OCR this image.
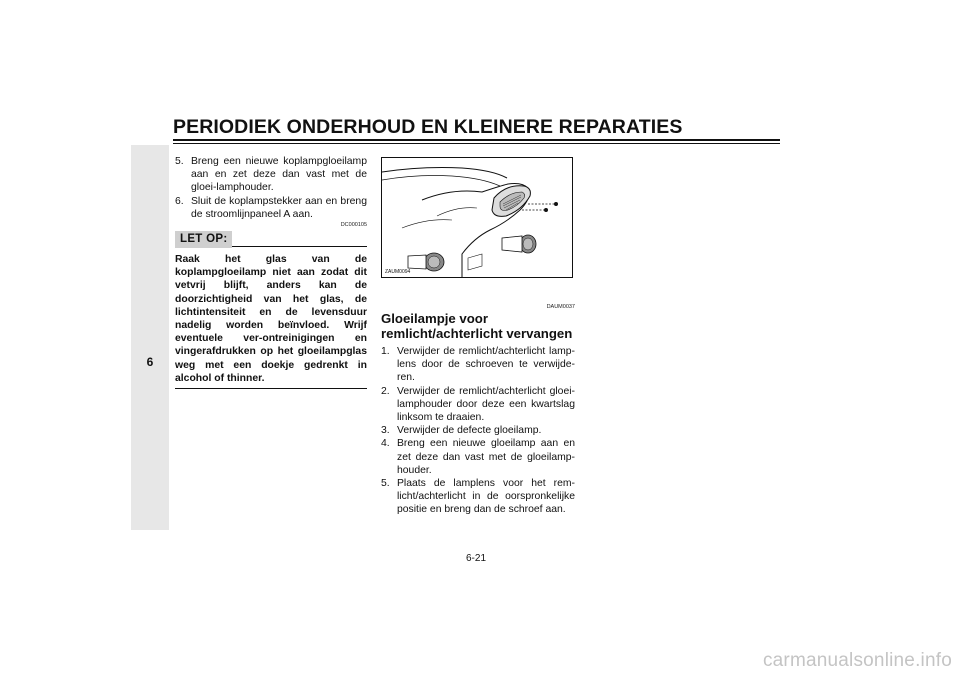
PERIODIEK ONDERHOUD EN KLEINERE REPARATIES
6
5. Breng een nieuwe koplampgloeilamp aan en zet deze dan vast met de gloei-lamphouder.
6. Sluit de koplampstekker aan en breng de stroomlijnpaneel A aan.
DC000105
LET OP:
Raak het glas van de koplampgloeilamp niet aan zodat dit vetvrij blijft, anders kan de doorzichtigheid van het glas, de lichtintensiteit en de levensduur nadelig worden beïnvloed. Wrijf eventuele ver-ontreinigingen en vingerafdrukken op het gloeilampglas weg met een doekje gedrenkt in alcohol of thinner.
ZAUM0094
DAUM0037
Gloeilampje voor remlicht/achterlicht vervangen
1. Verwijder de remlicht/achterlicht lamp-lens door de schroeven te verwijde-ren.
2. Verwijder de remlicht/achterlicht gloei-lamphouder door deze een kwartslag linksom te draaien.
3. Verwijder de defecte gloeilamp.
4. Breng een nieuwe gloeilamp aan en zet deze dan vast met de gloeilamp-houder.
5. Plaats de lamplens voor het rem-licht/achterlicht in de oorspronkelijke positie en breng dan de schroef aan.
6-21
carmanualsonline.info
